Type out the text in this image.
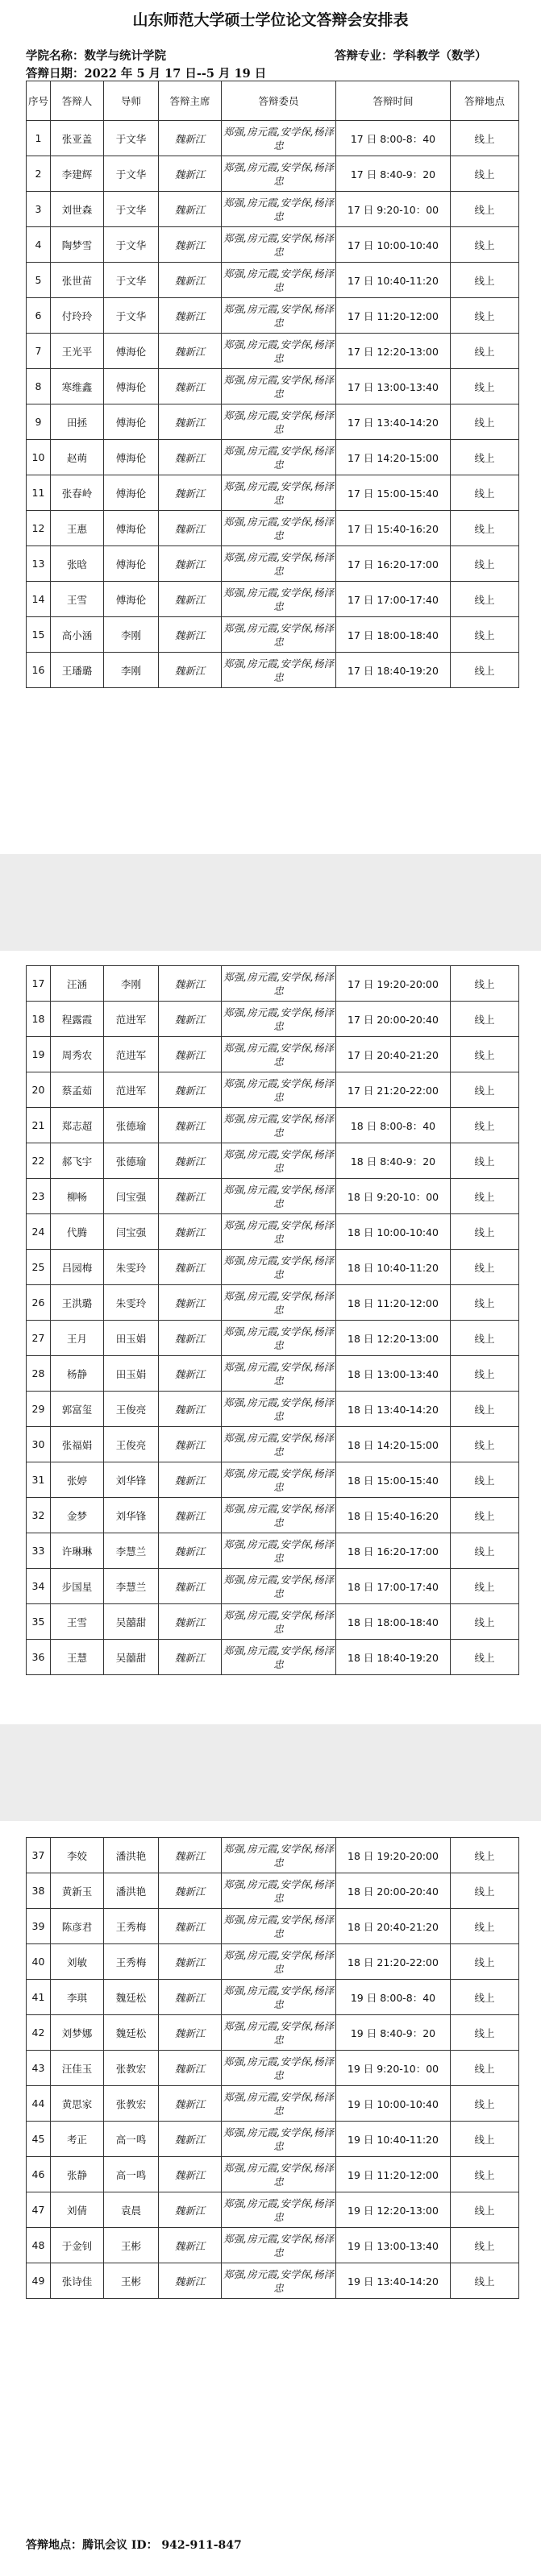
山东师范大学硕士学位论文答辩会安排表
学院名称：数学与统计学院	答辩专业：学科教学（数学）
答辩日期：2022 年 5 月 17 日--5 月 19 日
序号	答辩人	导师	答辩主席	答辩委员	答辩时间	答辩地点
1	张亚盖	于文华	魏新江	郑强,房元霞,安学保,杨泽忠	17 日 8:00-8：40	线上
2	李建辉	于文华	魏新江	郑强,房元霞,安学保,杨泽忠	17 日 8:40-9：20	线上
3	刘世森	于文华	魏新江	郑强,房元霞,安学保,杨泽忠	17 日 9:20-10：00	线上
4	陶梦雪	于文华	魏新江	郑强,房元霞,安学保,杨泽忠	17 日 10:00-10:40	线上
5	张世苗	于文华	魏新江	郑强,房元霞,安学保,杨泽忠	17 日 10:40-11:20	线上
6	付玲玲	于文华	魏新江	郑强,房元霞,安学保,杨泽忠	17 日 11:20-12:00	线上
7	王光平	傅海伦	魏新江	郑强,房元霞,安学保,杨泽忠	17 日 12:20-13:00	线上
8	寒维鑫	傅海伦	魏新江	郑强,房元霞,安学保,杨泽忠	17 日 13:00-13:40	线上
9	田拯	傅海伦	魏新江	郑强,房元霞,安学保,杨泽忠	17 日 13:40-14:20	线上
10	赵萌	傅海伦	魏新江	郑强,房元霞,安学保,杨泽忠	17 日 14:20-15:00	线上
11	张春岭	傅海伦	魏新江	郑强,房元霞,安学保,杨泽忠	17 日 15:00-15:40	线上
12	王惠	傅海伦	魏新江	郑强,房元霞,安学保,杨泽忠	17 日 15:40-16:20	线上
13	张晗	傅海伦	魏新江	郑强,房元霞,安学保,杨泽忠	17 日 16:20-17:00	线上
14	王雪	傅海伦	魏新江	郑强,房元霞,安学保,杨泽忠	17 日 17:00-17:40	线上
15	高小涵	李刚	魏新江	郑强,房元霞,安学保,杨泽忠	17 日 18:00-18:40	线上
16	王璠璐	李刚	魏新江	郑强,房元霞,安学保,杨泽忠	17 日 18:40-19:20	线上
17	汪涵	李刚	魏新江	郑强,房元霞,安学保,杨泽忠	17 日 19:20-20:00	线上
18	程露霞	范进军	魏新江	郑强,房元霞,安学保,杨泽忠	17 日 20:00-20:40	线上
19	周秀农	范进军	魏新江	郑强,房元霞,安学保,杨泽忠	17 日 20:40-21:20	线上
20	蔡孟茹	范进军	魏新江	郑强,房元霞,安学保,杨泽忠	17 日 21:20-22:00	线上
21	郑志超	张德瑜	魏新江	郑强,房元霞,安学保,杨泽忠	18 日 8:00-8：40	线上
22	郝飞宇	张德瑜	魏新江	郑强,房元霞,安学保,杨泽忠	18 日 8:40-9：20	线上
23	柳畅	闫宝强	魏新江	郑强,房元霞,安学保,杨泽忠	18 日 9:20-10：00	线上
24	代腾	闫宝强	魏新江	郑强,房元霞,安学保,杨泽忠	18 日 10:00-10:40	线上
25	吕园梅	朱雯玲	魏新江	郑强,房元霞,安学保,杨泽忠	18 日 10:40-11:20	线上
26	王洪璐	朱雯玲	魏新江	郑强,房元霞,安学保,杨泽忠	18 日 11:20-12:00	线上
27	王月	田玉娟	魏新江	郑强,房元霞,安学保,杨泽忠	18 日 12:20-13:00	线上
28	杨静	田玉娟	魏新江	郑强,房元霞,安学保,杨泽忠	18 日 13:00-13:40	线上
29	郭富玺	王俊亮	魏新江	郑强,房元霞,安学保,杨泽忠	18 日 13:40-14:20	线上
30	张福娟	王俊亮	魏新江	郑强,房元霞,安学保,杨泽忠	18 日 14:20-15:00	线上
31	张婷	刘华锋	魏新江	郑强,房元霞,安学保,杨泽忠	18 日 15:00-15:40	线上
32	金梦	刘华锋	魏新江	郑强,房元霞,安学保,杨泽忠	18 日 15:40-16:20	线上
33	许琳琳	李慧兰	魏新江	郑强,房元霞,安学保,杨泽忠	18 日 16:20-17:00	线上
34	步国星	李慧兰	魏新江	郑强,房元霞,安学保,杨泽忠	18 日 17:00-17:40	线上
35	王雪	吴囍甜	魏新江	郑强,房元霞,安学保,杨泽忠	18 日 18:00-18:40	线上
36	王慧	吴囍甜	魏新江	郑强,房元霞,安学保,杨泽忠	18 日 18:40-19:20	线上
37	李姣	潘洪艳	魏新江	郑强,房元霞,安学保,杨泽忠	18 日 19:20-20:00	线上
38	黄新玉	潘洪艳	魏新江	郑强,房元霞,安学保,杨泽忠	18 日 20:00-20:40	线上
39	陈彦君	王秀梅	魏新江	郑强,房元霞,安学保,杨泽忠	18 日 20:40-21:20	线上
40	刘敏	王秀梅	魏新江	郑强,房元霞,安学保,杨泽忠	18 日 21:20-22:00	线上
41	李琪	魏廷松	魏新江	郑强,房元霞,安学保,杨泽忠	19 日 8:00-8：40	线上
42	刘梦娜	魏廷松	魏新江	郑强,房元霞,安学保,杨泽忠	19 日 8:40-9：20	线上
43	汪佳玉	张教宏	魏新江	郑强,房元霞,安学保,杨泽忠	19 日 9:20-10：00	线上
44	黄思家	张教宏	魏新江	郑强,房元霞,安学保,杨泽忠	19 日 10:00-10:40	线上
45	考正	高一鸣	魏新江	郑强,房元霞,安学保,杨泽忠	19 日 10:40-11:20	线上
46	张静	高一鸣	魏新江	郑强,房元霞,安学保,杨泽忠	19 日 11:20-12:00	线上
47	刘倩	袁晨	魏新江	郑强,房元霞,安学保,杨泽忠	19 日 12:20-13:00	线上
48	于金钊	王彬	魏新江	郑强,房元霞,安学保,杨泽忠	19 日 13:00-13:40	线上
49	张诗佳	王彬	魏新江	郑强,房元霞,安学保,杨泽忠	19 日 13:40-14:20	线上
答辩地点：腾讯会议 ID： 942-911-847
